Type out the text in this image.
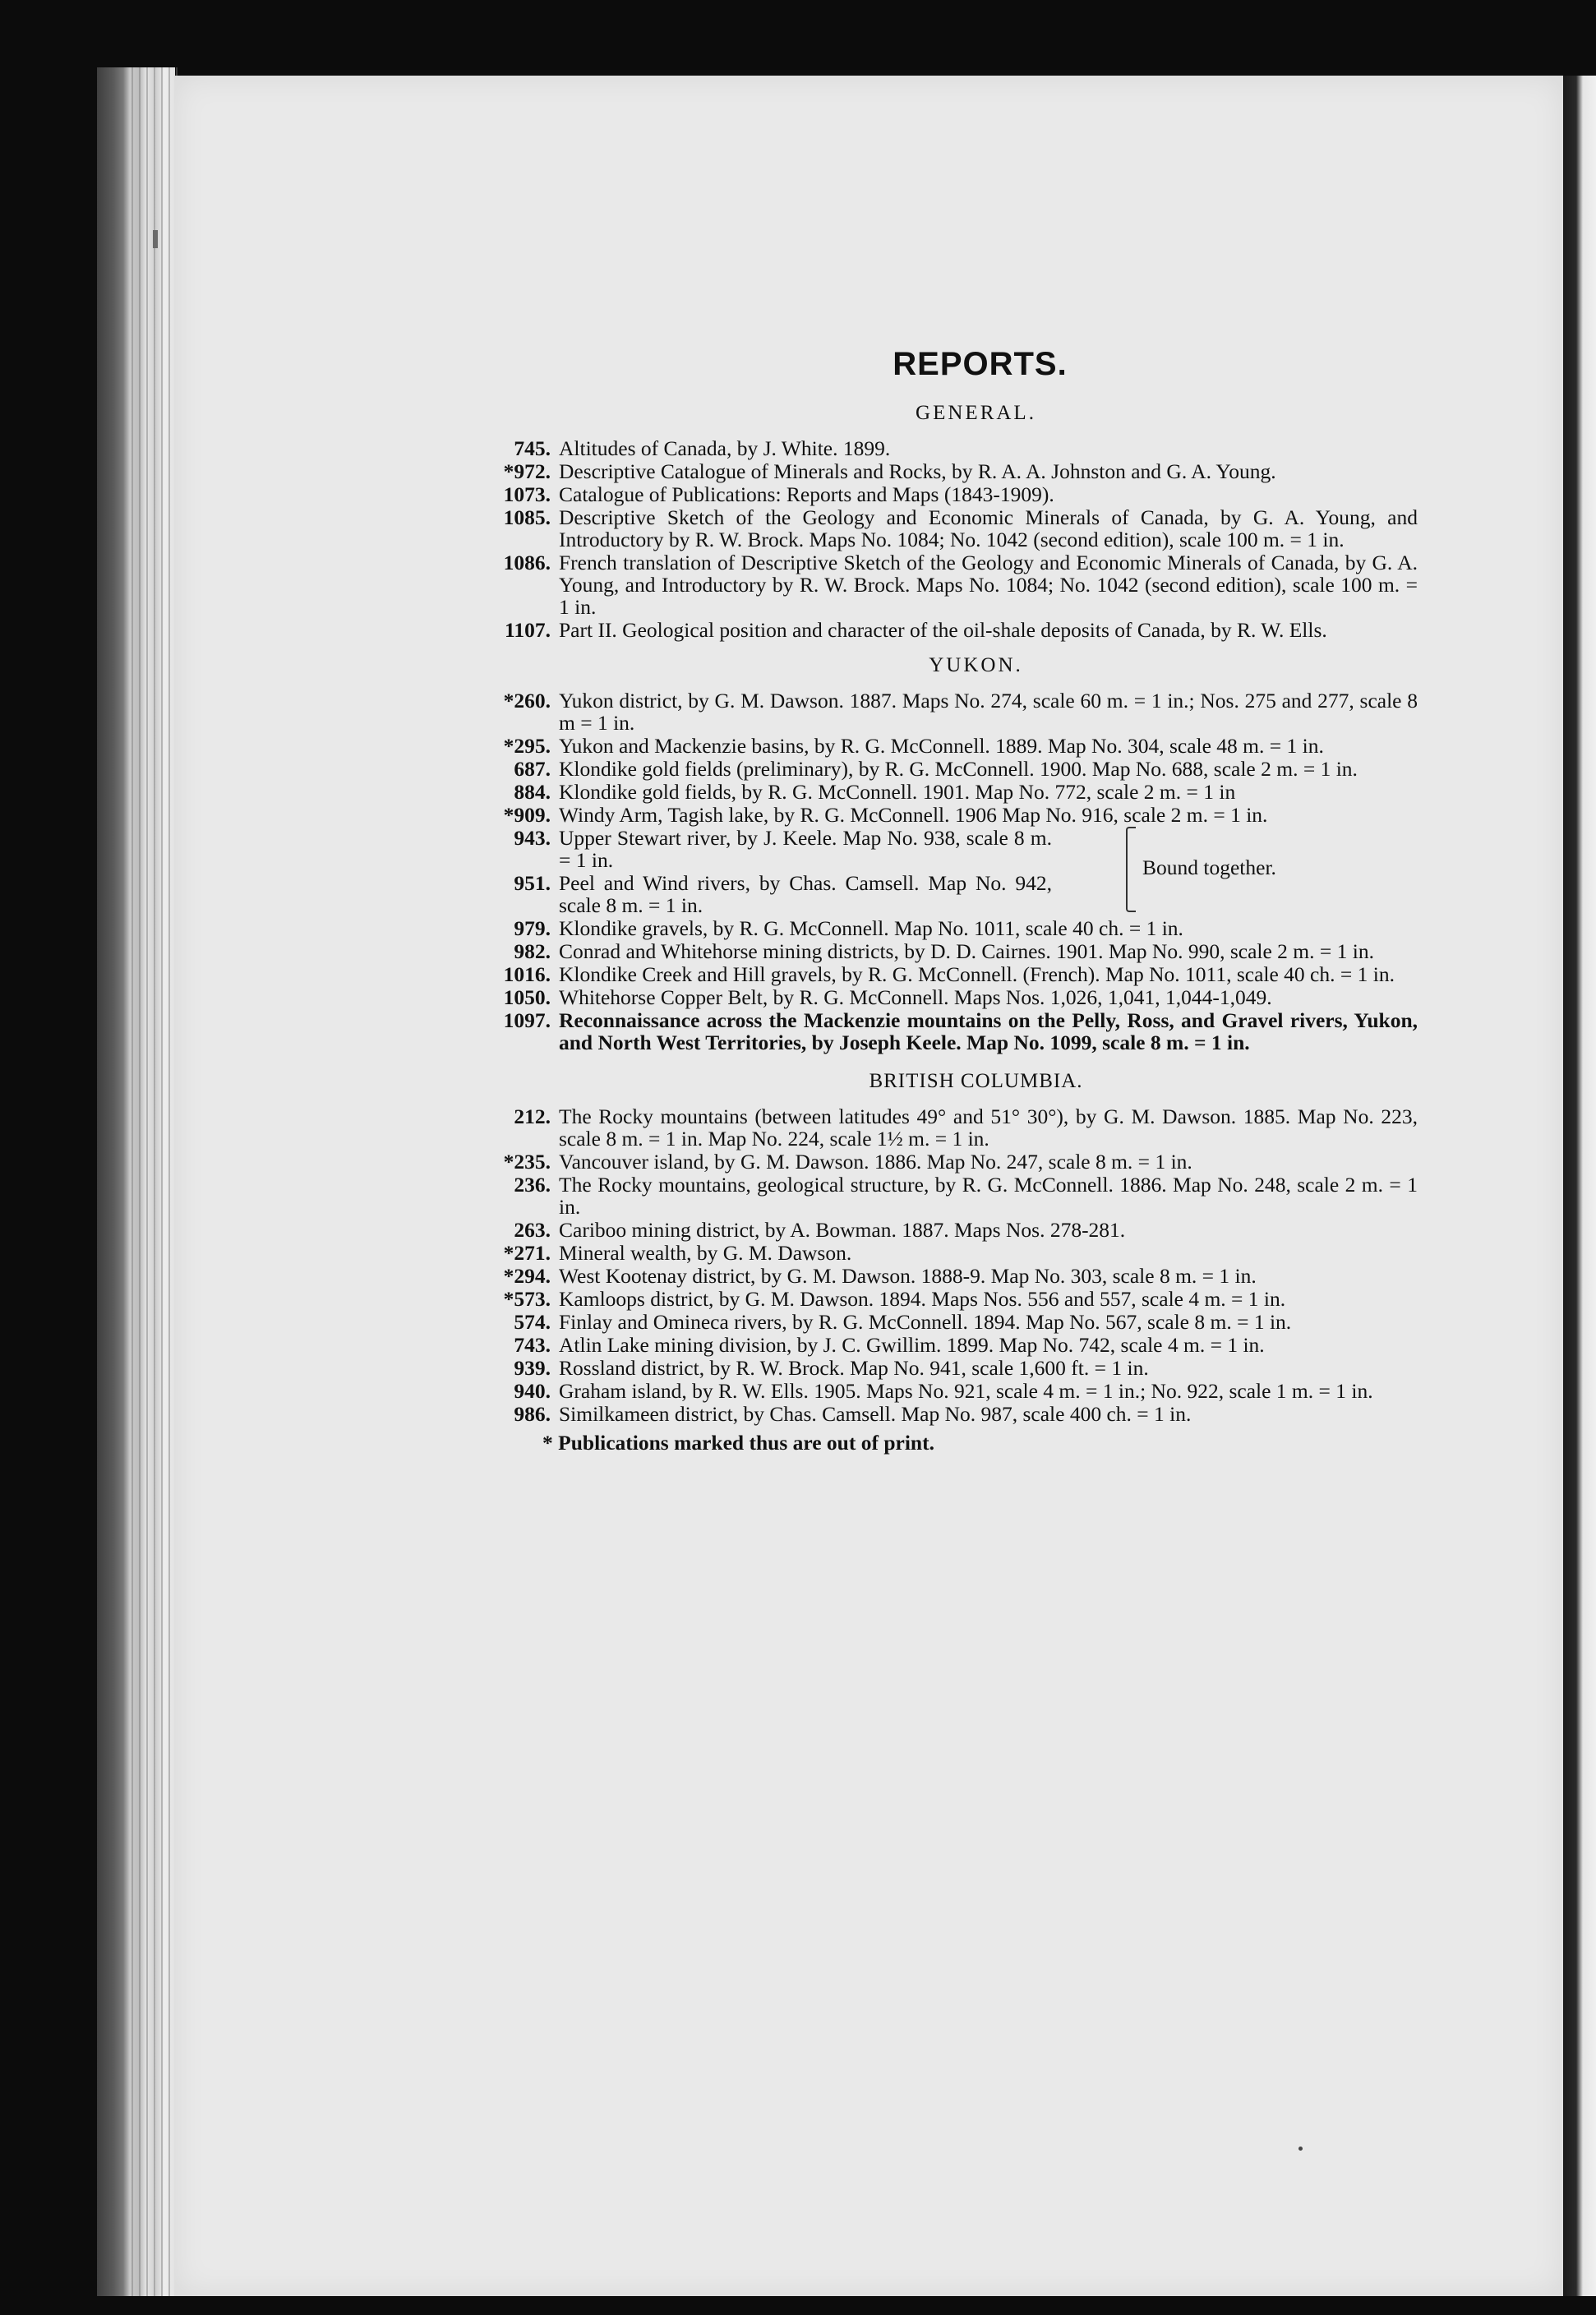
REPORTS.
GENERAL.
745. Altitudes of Canada, by J. White. 1899.
*972. Descriptive Catalogue of Minerals and Rocks, by R. A. A. Johnston and G. A. Young.
1073. Catalogue of Publications: Reports and Maps (1843-1909).
1085. Descriptive Sketch of the Geology and Economic Minerals of Canada, by G. A. Young, and Introductory by R. W. Brock. Maps No. 1084; No. 1042 (second edition), scale 100 m. = 1 in.
1086. French translation of Descriptive Sketch of the Geology and Economic Minerals of Canada, by G. A. Young, and Introductory by R. W. Brock. Maps No. 1084; No. 1042 (second edition), scale 100 m. = 1 in.
1107. Part II. Geological position and character of the oil-shale deposits of Canada, by R. W. Ells.
YUKON.
*260. Yukon district, by G. M. Dawson. 1887. Maps No. 274, scale 60 m. = 1 in.; Nos. 275 and 277, scale 8 m = 1 in.
*295. Yukon and Mackenzie basins, by R. G. McConnell. 1889. Map No. 304, scale 48 m. = 1 in.
687. Klondike gold fields (preliminary), by R. G. McConnell. 1900. Map No. 688, scale 2 m. = 1 in.
884. Klondike gold fields, by R. G. McConnell. 1901. Map No. 772, scale 2 m. = 1 in
*909. Windy Arm, Tagish lake, by R. G. McConnell. 1906 Map No. 916, scale 2 m. = 1 in.
943. Upper Stewart river, by J. Keele. Map No. 938, scale 8 m. = 1 in.
951. Peel and Wind rivers, by Chas. Camsell. Map No. 942, scale 8 m. = 1 in.
Bound together.
979. Klondike gravels, by R. G. McConnell. Map No. 1011, scale 40 ch. = 1 in.
982. Conrad and Whitehorse mining districts, by D. D. Cairnes. 1901. Map No. 990, scale 2 m. = 1 in.
1016. Klondike Creek and Hill gravels, by R. G. McConnell. (French). Map No. 1011, scale 40 ch. = 1 in.
1050. Whitehorse Copper Belt, by R. G. McConnell. Maps Nos. 1,026, 1,041, 1,044-1,049.
1097. Reconnaissance across the Mackenzie mountains on the Pelly, Ross, and Gravel rivers, Yukon, and North West Territories, by Joseph Keele. Map No. 1099, scale 8 m. = 1 in.
BRITISH COLUMBIA.
212. The Rocky mountains (between latitudes 49° and 51° 30°), by G. M. Dawson. 1885. Map No. 223, scale 8 m. = 1 in. Map No. 224, scale 1½ m. = 1 in.
*235. Vancouver island, by G. M. Dawson. 1886. Map No. 247, scale 8 m. = 1 in.
236. The Rocky mountains, geological structure, by R. G. McConnell. 1886. Map No. 248, scale 2 m. = 1 in.
263. Cariboo mining district, by A. Bowman. 1887. Maps Nos. 278-281.
*271. Mineral wealth, by G. M. Dawson.
*294. West Kootenay district, by G. M. Dawson. 1888-9. Map No. 303, scale 8 m. = 1 in.
*573. Kamloops district, by G. M. Dawson. 1894. Maps Nos. 556 and 557, scale 4 m. = 1 in.
574. Finlay and Omineca rivers, by R. G. McConnell. 1894. Map No. 567, scale 8 m. = 1 in.
743. Atlin Lake mining division, by J. C. Gwillim. 1899. Map No. 742, scale 4 m. = 1 in.
939. Rossland district, by R. W. Brock. Map No. 941, scale 1,600 ft. = 1 in.
940. Graham island, by R. W. Ells. 1905. Maps No. 921, scale 4 m. = 1 in.; No. 922, scale 1 m. = 1 in.
986. Similkameen district, by Chas. Camsell. Map No. 987, scale 400 ch. = 1 in.
* Publications marked thus are out of print.
